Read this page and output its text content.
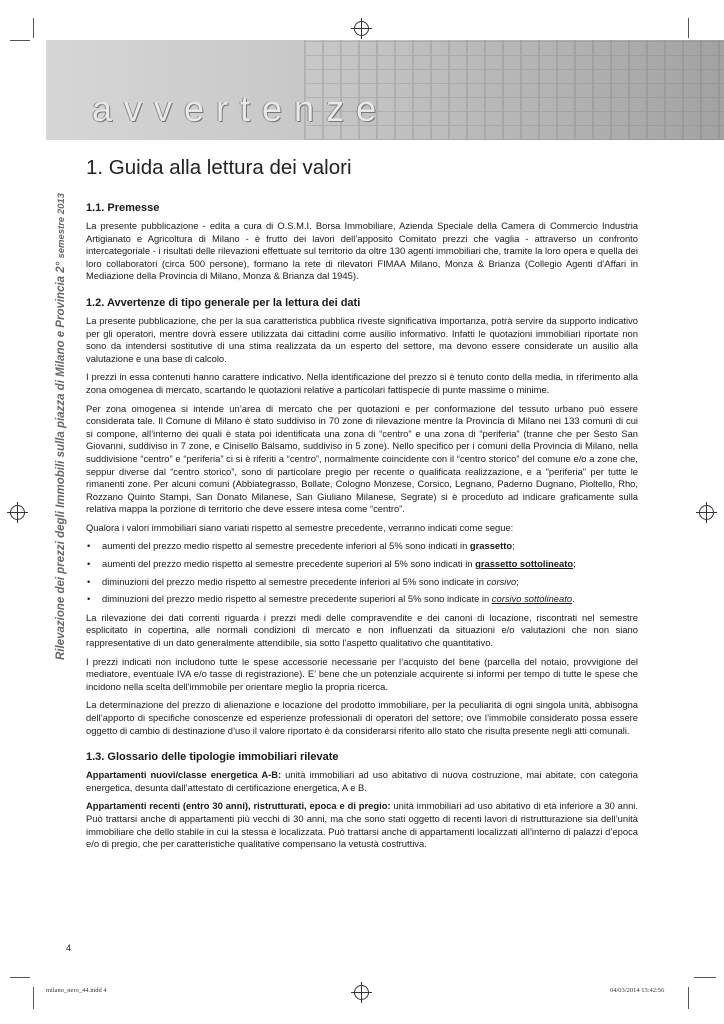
avvertenze
Rilevazione dei prezzi degli Immobili sulla piazza di Milano e Provincia 2° semestre 2013
1. Guida alla lettura dei valori
1.1. Premesse

La presente pubblicazione - edita a cura di O.S.M.I. Borsa Immobiliare, Azienda Speciale della Camera di Commercio Industria Artigianato e Agricoltura di Milano - è frutto dei lavori dell’apposito Comitato prezzi che vaglia - attraverso un confronto intercategoriale - i risultati delle rilevazioni effettuate sul territorio da oltre 130 agenti immobiliari che, tramite la loro opera e quella dei loro collaboratori (circa 500 persone), formano la rete di rilevatori FIMAA Milano, Monza & Brianza (Collegio Agenti d’Affari in Mediazione della Provincia di Milano, Monza & Brianza dal 1945).

1.2. Avvertenze di tipo generale per la lettura dei dati

La presente pubblicazione, che per la sua caratteristica pubblica riveste significativa importanza, potrà servire da supporto indicativo per gli operatori, mentre dovrà essere utilizzata dai cittadini come ausilio informativo. Infatti le quotazioni immobiliari riportate non sono da intendersi sostitutive di una stima realizzata da un esperto del settore, ma devono essere considerate un ausilio alla valutazione e una base di calcolo.

I prezzi in essa contenuti hanno carattere indicativo. Nella identificazione del prezzo si è tenuto conto della media, in riferimento alla zona omogenea di mercato, scartando le quotazioni relative a particolari fattispecie di punte massime o minime.

Per zona omogenea si intende un’area di mercato che per quotazioni e per conformazione del tessuto urbano può essere considerata tale. Il Comune di Milano è stato suddiviso in 70 zone di rilevazione mentre la Provincia di Milano nei 133 comuni di cui si compone, all’interno dei quali è stata poi identificata una zona di “centro” e una zona di “periferia” (tranne che per Sesto San Giovanni, suddiviso in 7 zone, e Cinisello Balsamo, suddiviso in 5 zone). Nello specifico per i comuni della Provincia di Milano, nella suddivisione “centro” e “periferia” ci si è riferiti a “centro”, normalmente coincidente con il “centro storico” del comune e/o a zone che, seppur diverse dal “centro storico”, sono di particolare pregio per recente o qualificata realizzazione, e a "periferia" per tutte le rimanenti zone. Per alcuni comuni (Abbiategrasso, Bollate, Cologno Monzese, Corsico, Legnano, Paderno Dugnano, Pioltello, Rho, Rozzano Quinto Stampi, San Donato Milanese, San Giuliano Milanese, Segrate) si è proceduto ad indicare graficamente sulla relativa mappa la porzione di territorio che deve essere intesa come “centro”.

Qualora i valori immobiliari siano variati rispetto al semestre precedente, verranno indicati come segue:

• aumenti del prezzo medio rispetto al semestre precedente inferiori al 5% sono indicati in grassetto;
• aumenti del prezzo medio rispetto al semestre precedente superiori al 5% sono indicati in grassetto sottolineato;
• diminuzioni del prezzo medio rispetto al semestre precedente inferiori al 5% sono indicate in corsivo;
• diminuzioni del prezzo medio rispetto al semestre precedente superiori al 5% sono indicate in corsivo sottolineato.

La rilevazione dei dati correnti riguarda i prezzi medi delle compravendite e dei canoni di locazione, riscontrati nel semestre esplicitato in copertina, alle normali condizioni di mercato e non influenzati da situazioni e/o valutazioni che non siano rappresentative di un dato generalmente attendibile, sia sotto l’aspetto qualitativo che quantitativo.

I prezzi indicati non includono tutte le spese accessorie necessarie per l’acquisto del bene (parcella del notaio, provvigione del mediatore, eventuale IVA e/o tasse di registrazione). E’ bene che un potenziale acquirente si informi per tempo di tutte le spese che incidono nella scelta dell'immobile per orientare meglio la propria ricerca.

La determinazione del prezzo di alienazione e locazione del prodotto immobiliare, per la peculiarità di ogni singola unità, abbisogna dell’apporto di specifiche conoscenze ed esperienze professionali di operatori del settore; ove l’immobile considerato possa essere oggetto di cambio di destinazione d’uso il valore riportato è da considerarsi riferito allo stato che risulta presente negli atti comunali.

1.3. Glossario delle tipologie immobiliari rilevate

Appartamenti nuovi/classe energetica A-B: unità immobiliari ad uso abitativo di nuova costruzione, mai abitate, con categoria energetica, desunta dall’attestato di certificazione energetica, A e B.

Appartamenti recenti (entro 30 anni), ristrutturati, epoca e di pregio: unità immobiliari ad uso abitativo di età inferiore a 30 anni. Può trattarsi anche di appartamenti più vecchi di 30 anni, ma che sono stati oggetto di recenti lavori di ristrutturazione sia dell’unità immobiliare che dello stabile in cui la stessa è localizzata. Può trattarsi anche di appartamenti localizzati all’interno di palazzi d’epoca e/o di pregio, che per caratteristiche qualitative compensano la vetustà costruttiva.

4
milano_nero_44.indd 4	04/03/2014 13:42:56
